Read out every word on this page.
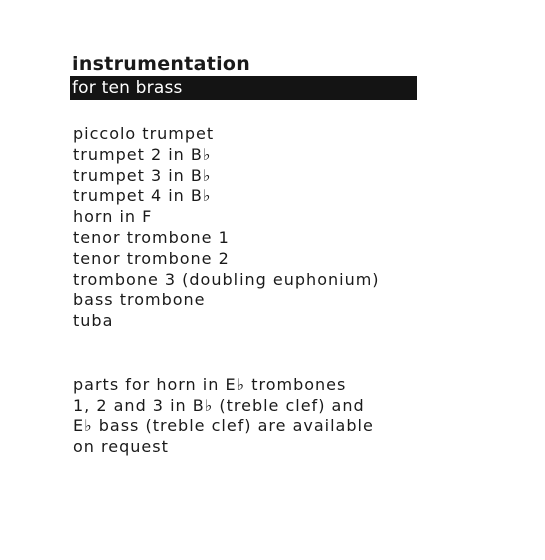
instrumentation
for ten brass
piccolo trumpet
trumpet 2 in B♭
trumpet 3 in B♭
trumpet 4 in B♭
horn in F
tenor trombone 1
tenor trombone 2
trombone 3 (doubling euphonium)
bass trombone
tuba
parts for horn in E♭ trombones
1, 2 and 3 in B♭ (treble clef) and
E♭ bass (treble clef) are available
on request
